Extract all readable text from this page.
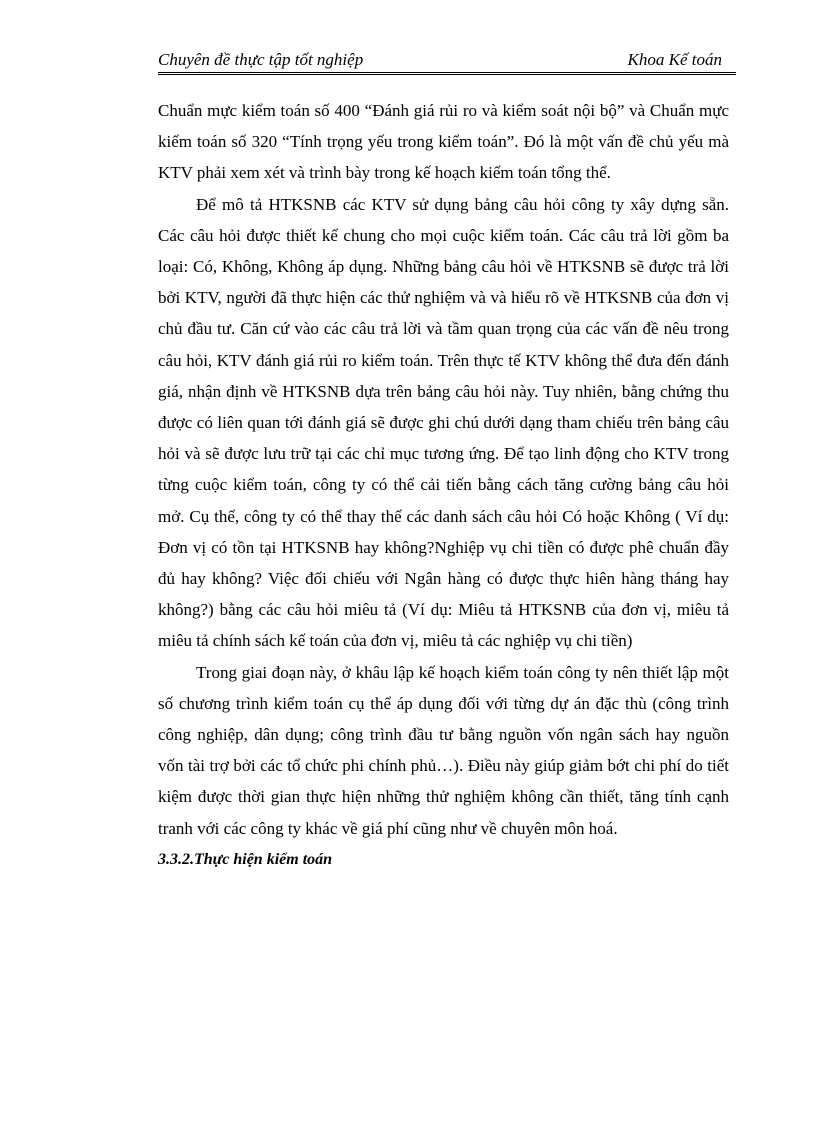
Chuyên đề thực tập tốt nghiệp	Khoa Kế toán

Chuẩn mực kiểm toán số 400 “Đánh giá rủi ro và kiểm soát nội bộ” và Chuẩn mực kiểm toán số 320 “Tính trọng yếu trong kiểm toán”. Đó là một vấn đề chủ yếu mà KTV phải xem xét và trình bày trong kế hoạch kiểm toán tổng thể.

Để mô tả HTKSNB các KTV sử dụng bảng câu hỏi công ty xây dựng sẵn. Các câu hỏi được thiết kế chung cho mọi cuộc kiểm toán. Các câu trả lời gồm ba loại: Có, Không, Không áp dụng. Những bảng câu hỏi về HTKSNB sẽ được trả lời bởi KTV, người đã thực hiện các thử nghiệm và và hiểu rõ về HTKSNB của đơn vị chủ đầu tư. Căn cứ vào các câu trả lời và tầm quan trọng của các vấn đề nêu trong câu hỏi, KTV đánh giá rủi ro kiểm toán. Trên thực tế KTV không thể đưa đến đánh giá, nhận định về HTKSNB dựa trên bảng câu hỏi này. Tuy nhiên, bằng chứng thu được có liên quan tới đánh giá sẽ được ghi chú dưới dạng tham chiếu trên bảng câu hỏi và sẽ được lưu trữ tại các chỉ mục tương ứng. Để tạo linh động cho KTV trong từng cuộc kiểm toán, công ty có thể cải tiến bằng cách tăng cường bảng câu hỏi mở. Cụ thể, công ty có thể thay thế các danh sách câu hỏi Có hoặc Không ( Ví dụ: Đơn vị có tồn tại HTKSNB hay không?Nghiệp vụ chi tiền có được phê chuẩn đầy đủ hay không? Việc đối chiếu với Ngân hàng có được thực hiên hàng tháng hay không?) bằng các câu hỏi miêu tả (Ví dụ: Miêu tả HTKSNB của đơn vị, miêu tả miêu tả chính sách kế toán của đơn vị, miêu tả các nghiệp vụ chi tiền)

Trong giai đoạn này, ở khâu lập kế hoạch kiểm toán công ty nên thiết lập một số chương trình kiểm toán cụ thể áp dụng đối với từng dự án đặc thù (công trình công nghiệp, dân dụng; công trình đầu tư bằng nguồn vốn ngân sách hay nguồn vốn tài trợ bởi các tổ chức phi chính phủ…). Điều này giúp giảm bớt chi phí do tiết kiệm được thời gian thực hiện những thử nghiệm không cần thiết, tăng tính cạnh tranh với các công ty khác về giá phí cũng như về chuyên môn hoá.

3.3.2.Thực hiện kiểm toán
